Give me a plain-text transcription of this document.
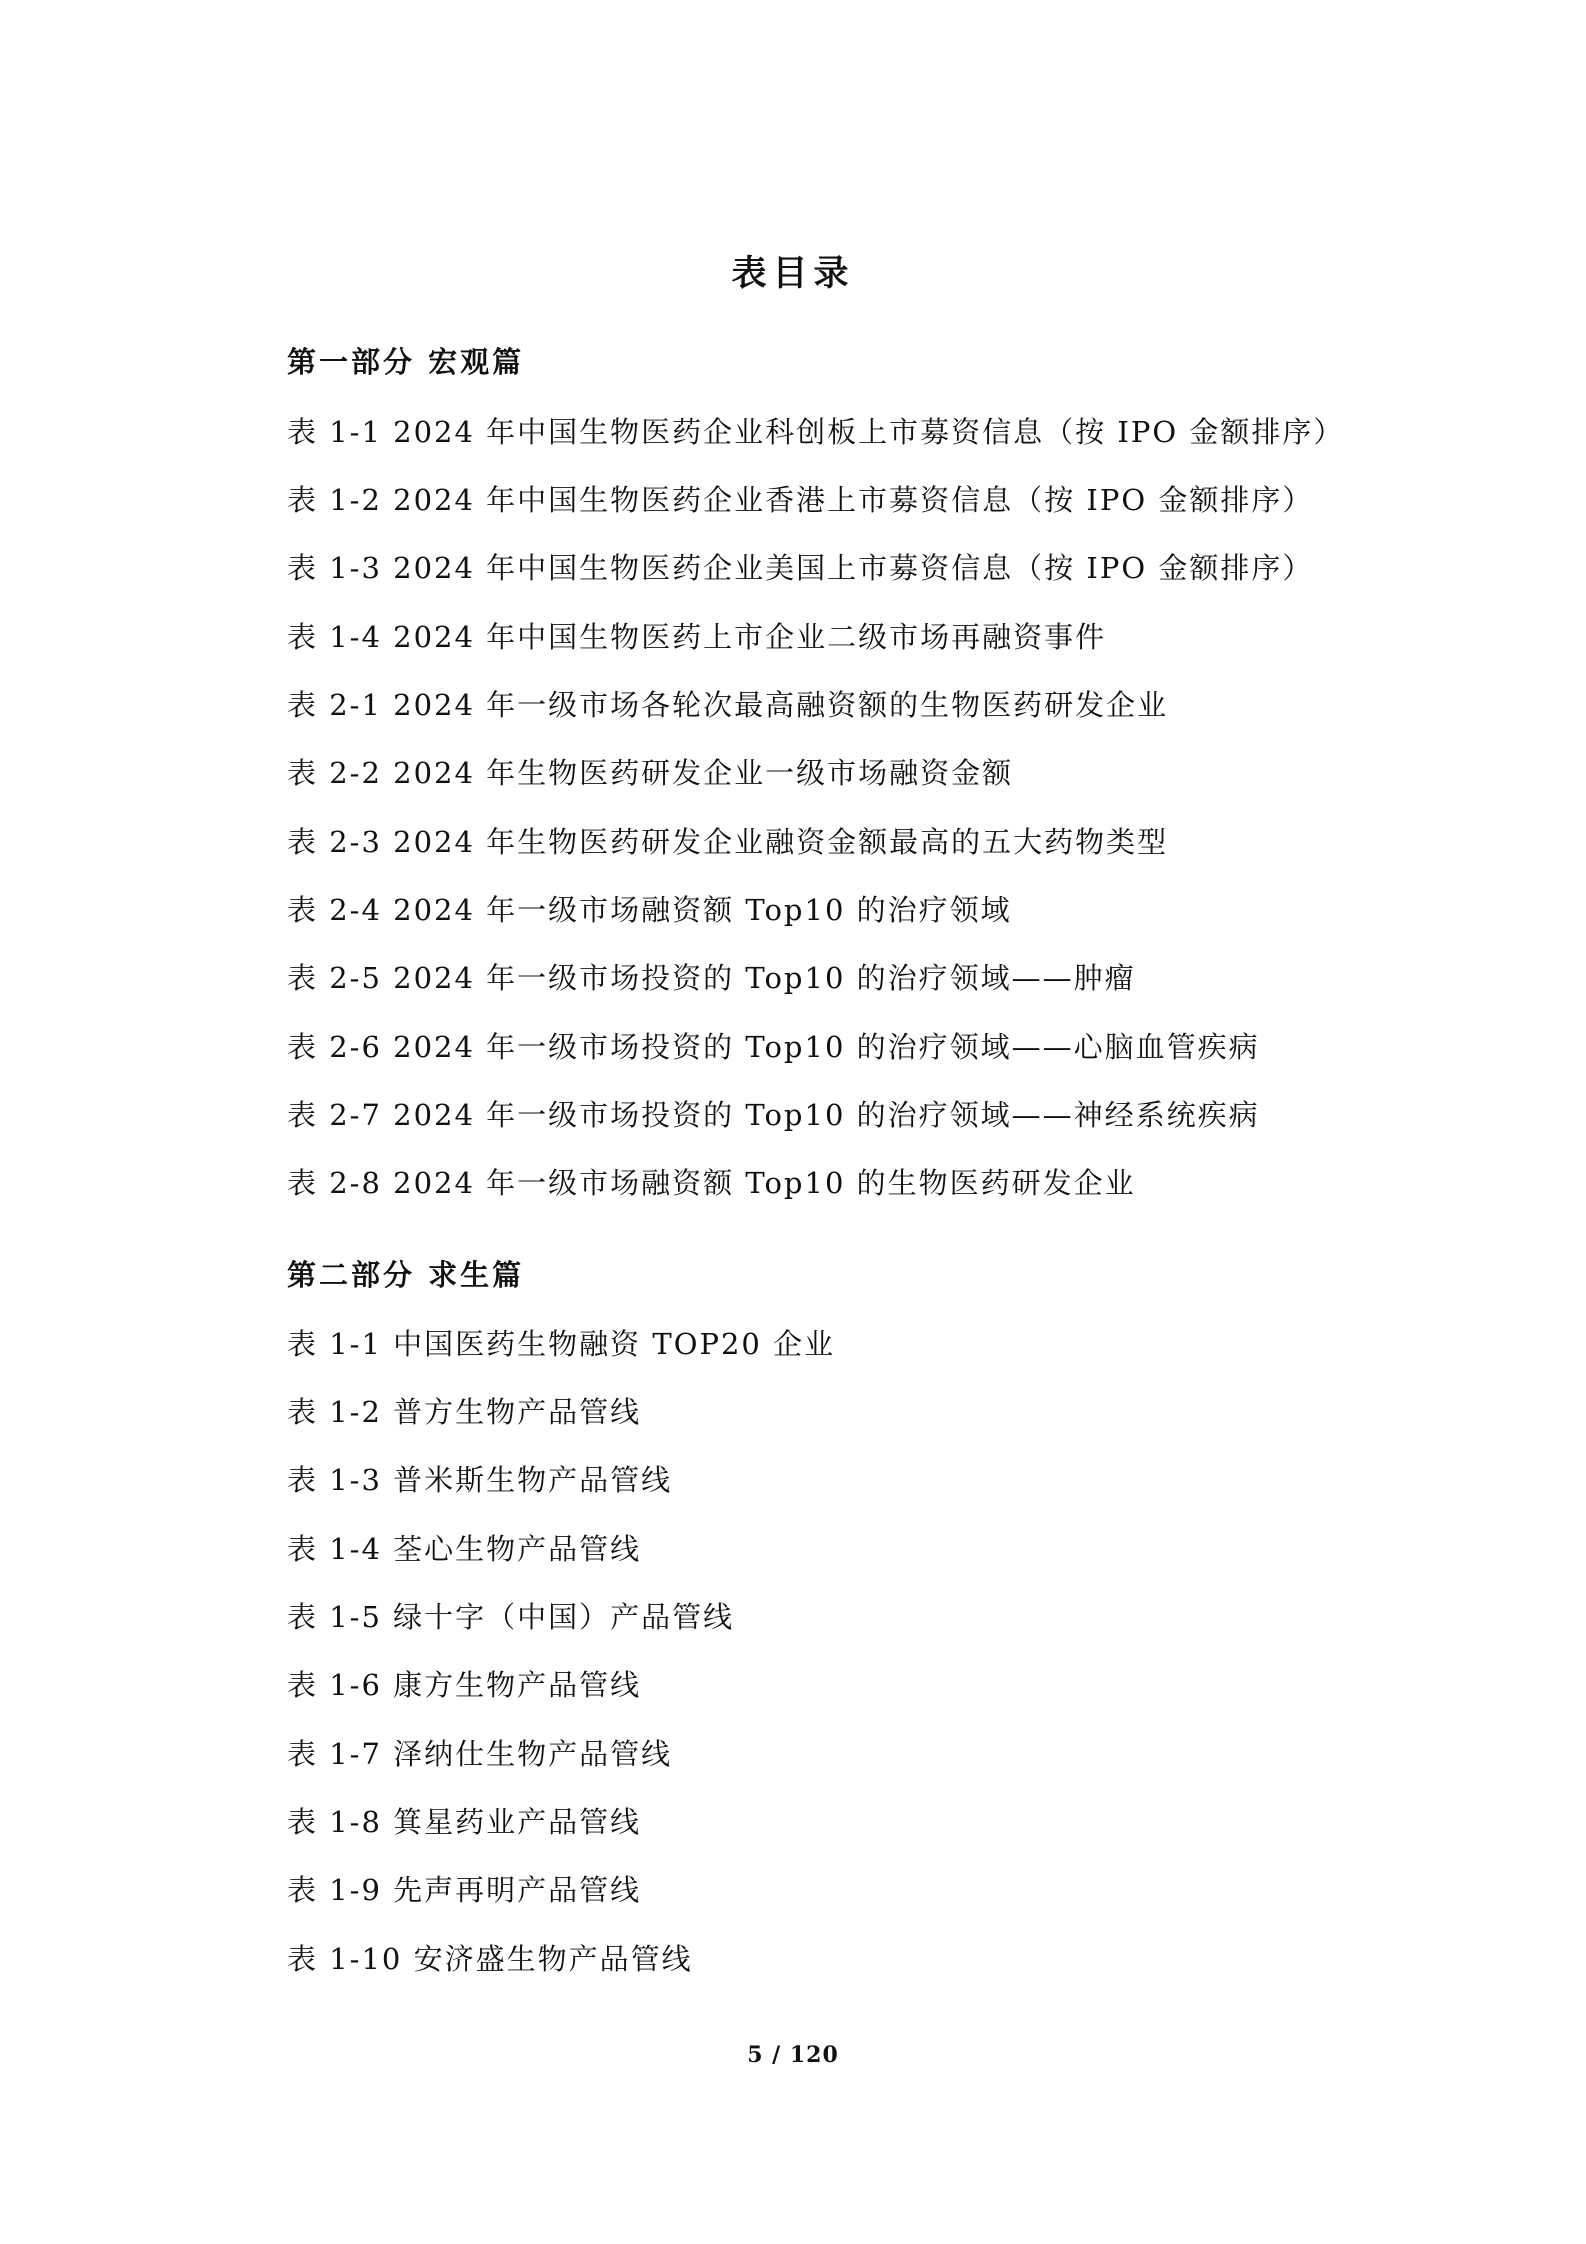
表目录
第一部分 宏观篇
表 1-1 2024 年中国生物医药企业科创板上市募资信息（按 IPO 金额排序）
表 1-2 2024 年中国生物医药企业香港上市募资信息（按 IPO 金额排序）
表 1-3 2024 年中国生物医药企业美国上市募资信息（按 IPO 金额排序）
表 1-4 2024 年中国生物医药上市企业二级市场再融资事件
表 2-1 2024 年一级市场各轮次最高融资额的生物医药研发企业
表 2-2 2024 年生物医药研发企业一级市场融资金额
表 2-3 2024 年生物医药研发企业融资金额最高的五大药物类型
表 2-4 2024 年一级市场融资额 Top10 的治疗领域
表 2-5 2024 年一级市场投资的 Top10 的治疗领域——肿瘤
表 2-6 2024 年一级市场投资的 Top10 的治疗领域——心脑血管疾病
表 2-7 2024 年一级市场投资的 Top10 的治疗领域——神经系统疾病
表 2-8 2024 年一级市场融资额 Top10 的生物医药研发企业
第二部分 求生篇
表 1-1 中国医药生物融资 TOP20 企业
表 1-2 普方生物产品管线
表 1-3 普米斯生物产品管线
表 1-4 荃心生物产品管线
表 1-5 绿十字（中国）产品管线
表 1-6 康方生物产品管线
表 1-7 泽纳仕生物产品管线
表 1-8 箕星药业产品管线
表 1-9 先声再明产品管线
表 1-10 安济盛生物产品管线
5 / 120
